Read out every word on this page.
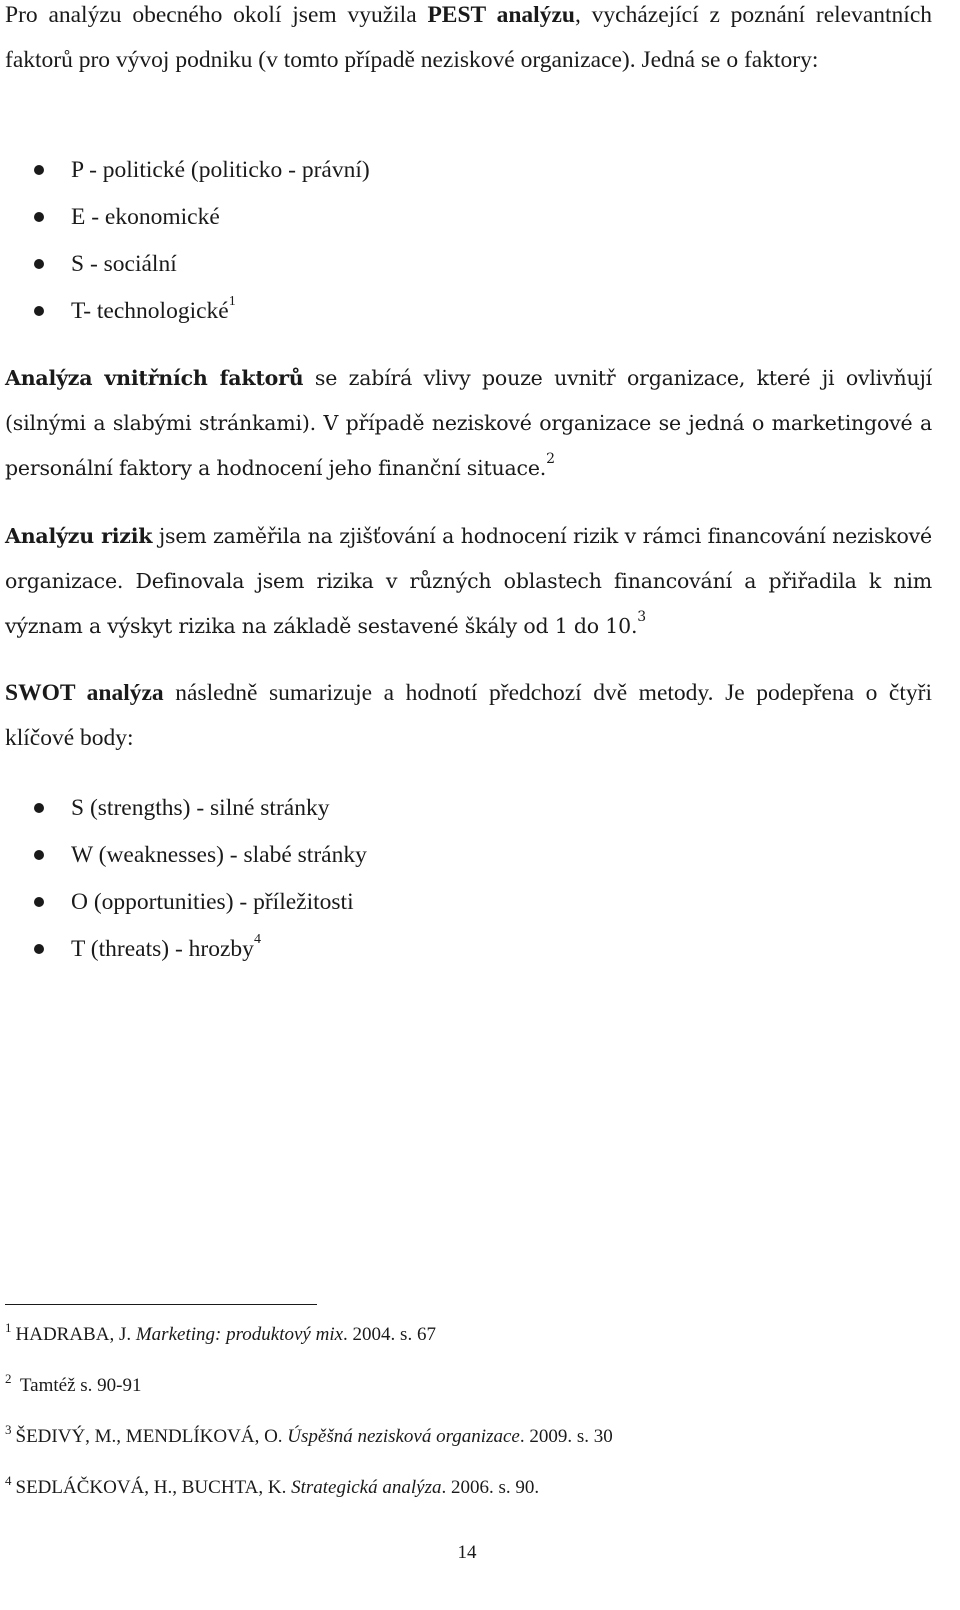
Pro analýzu obecného okolí jsem využila PEST analýzu, vycházející z poznání relevantních faktorů pro vývoj podniku (v tomto případě neziskové organizace). Jedná se o faktory:

P - politické (politicko - právní)
E - ekonomické
S - sociální
T- technologické$^1$

Analýza vnitřních faktorů se zabírá vlivy pouze uvnitř organizace, které ji ovlivňují (silnými a slabými stránkami). V případě neziskové organizace se jedná o marketingové a personální faktory a hodnocení jeho finanční situace.$^2$

Analýzu rizik jsem zaměřila na zjišťování a hodnocení rizik v rámci financování neziskové organizace. Definovala jsem rizika v různých oblastech financování a přiřadila k nim význam a výskyt rizika na základě sestavené škály od 1 do 10.$^3$

SWOT analýza následně sumarizuje a hodnotí předchozí dvě metody. Je podepřena o čtyři klíčové body:

S (strengths) - silné stránky
W (weaknesses) - slabé stránky
O (opportunities) - příležitosti
T (threats) - hrozby$^4$
$^1$ HADRABA, J. Marketing: produktový mix. 2004. s. 67
$^2$ Tamtéž s. 90-91
$^3$ ŠEDIVÝ, M., MENDLÍKOVÁ, O. Úspěšná nezisková organizace. 2009. s. 30
$^4$ SEDLÁČKOVÁ, H., BUCHTA, K. Strategická analýza. 2006. s. 90.
14
